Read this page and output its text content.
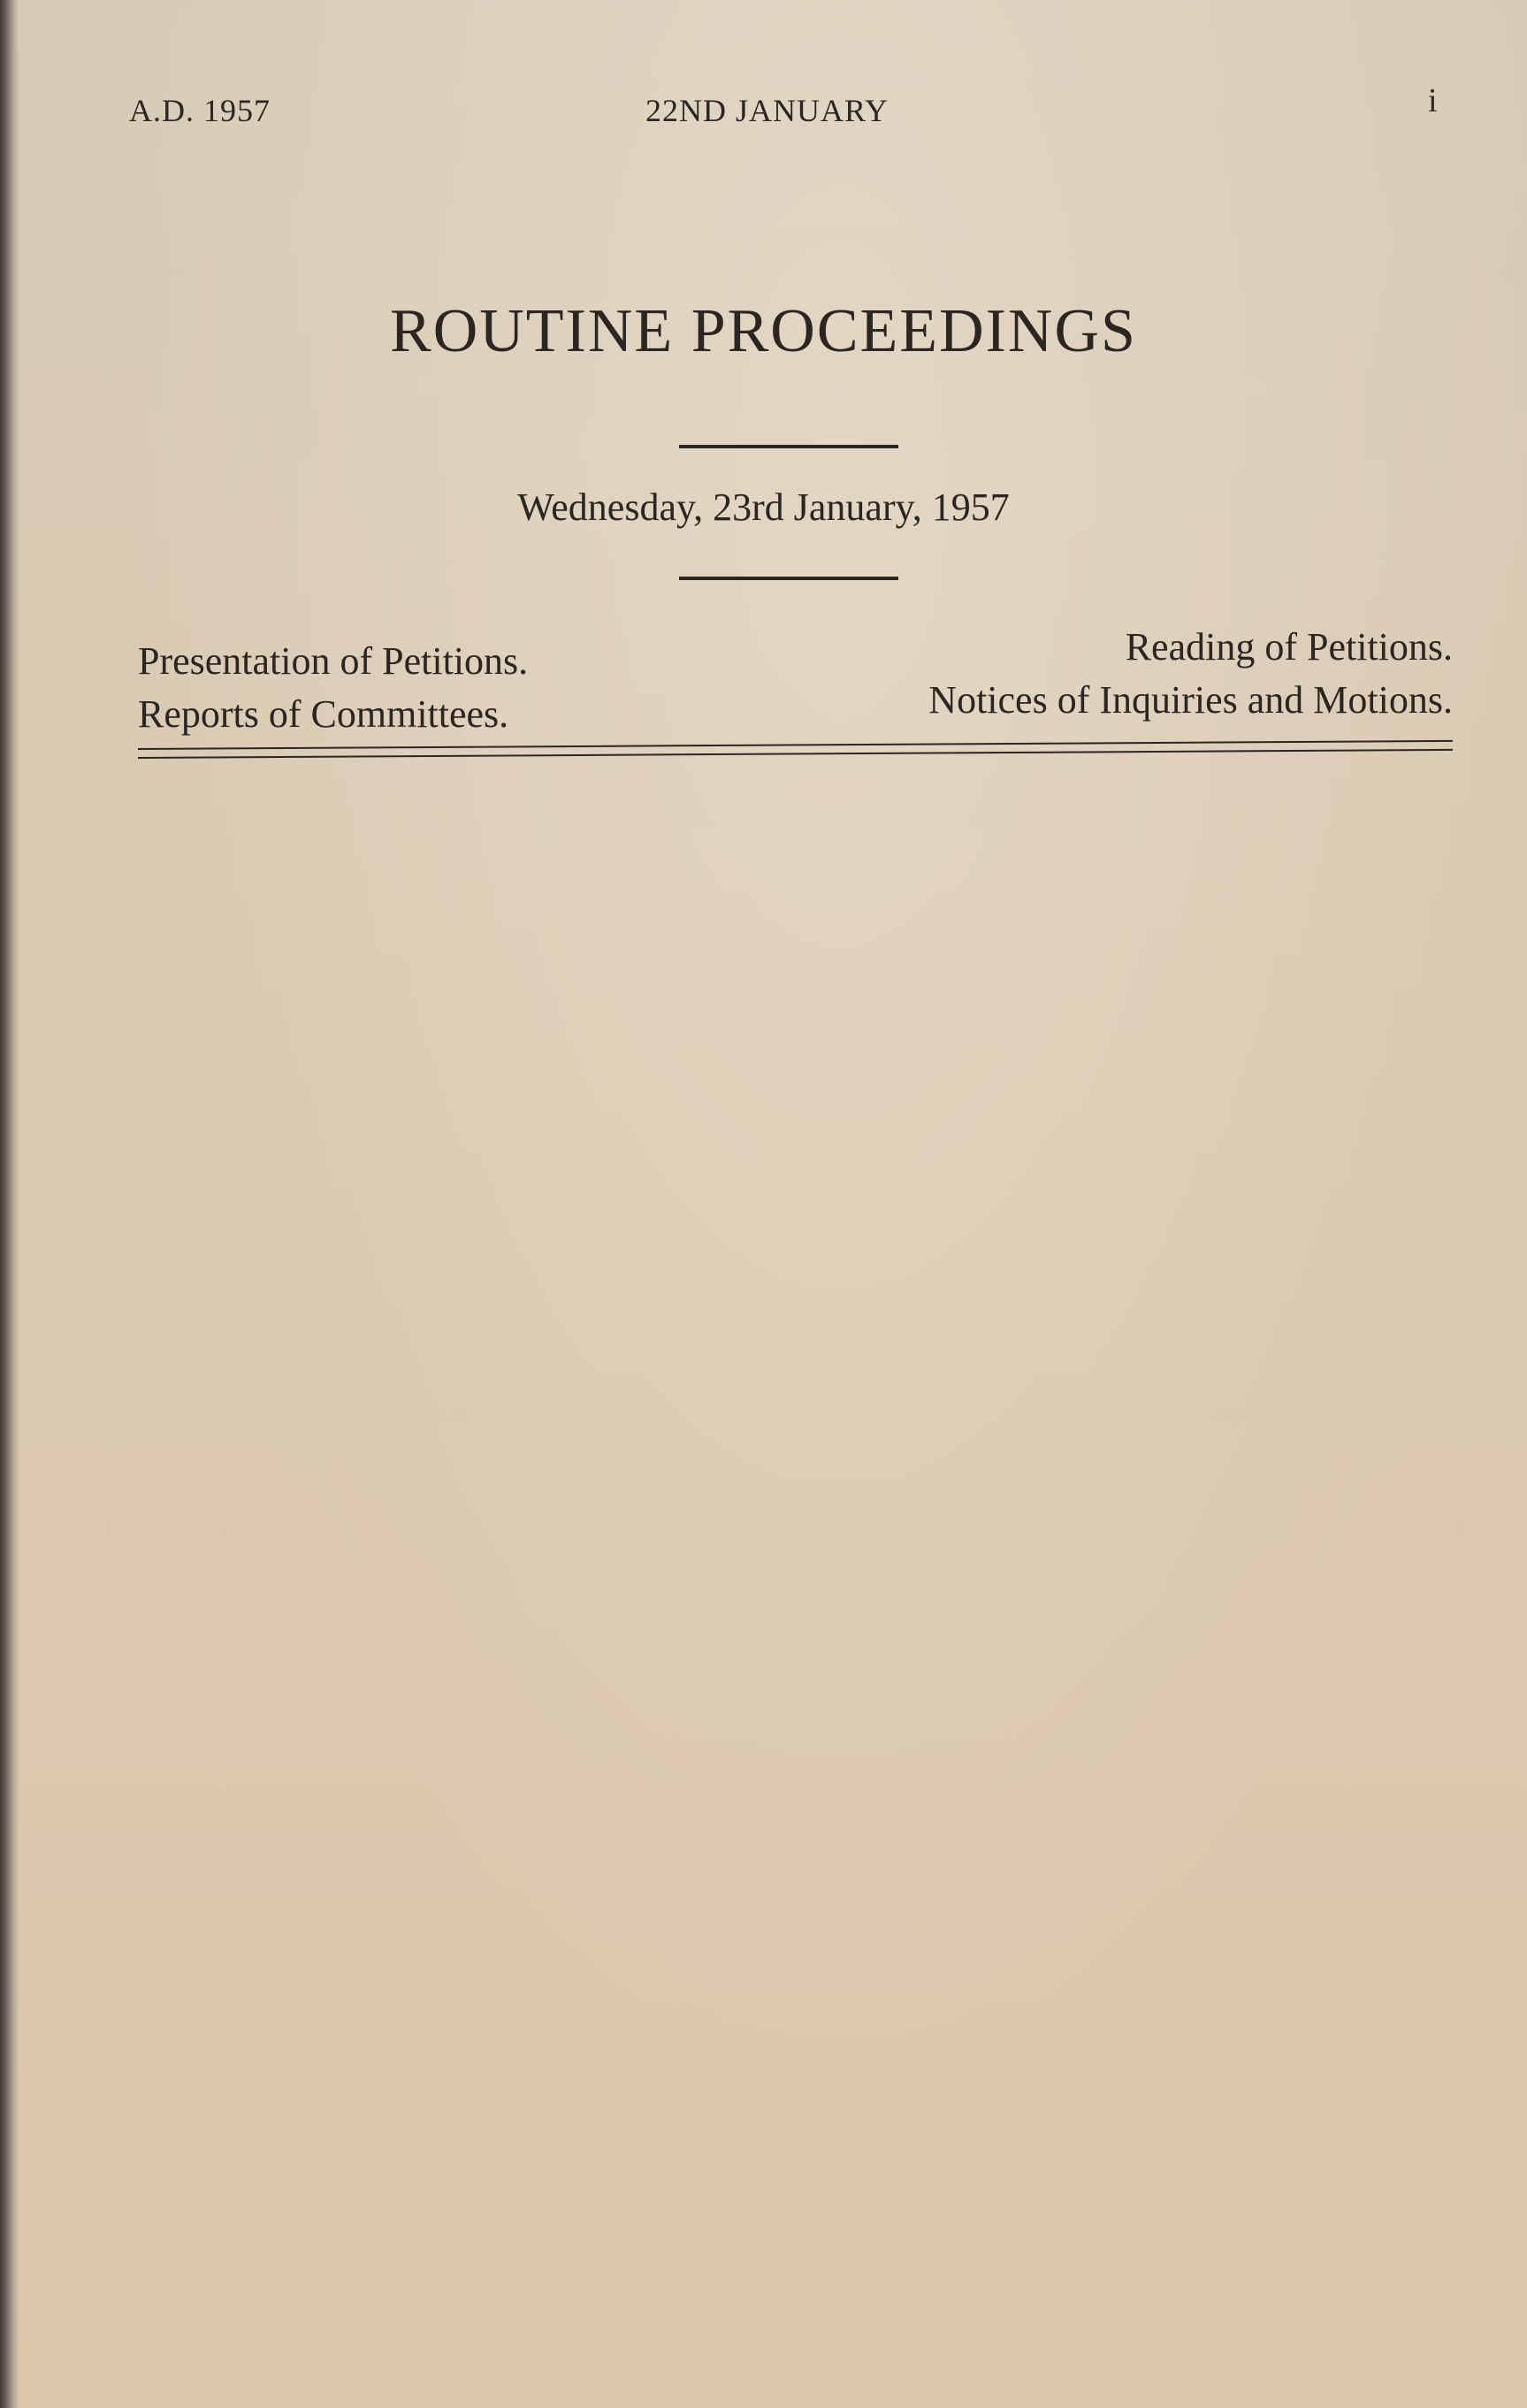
A.D. 1957	22ND JANUARY	i
ROUTINE PROCEEDINGS
Wednesday, 23rd January, 1957
Presentation of Petitions.
Reports of Committees.
Reading of Petitions.
Notices of Inquiries and Motions.
